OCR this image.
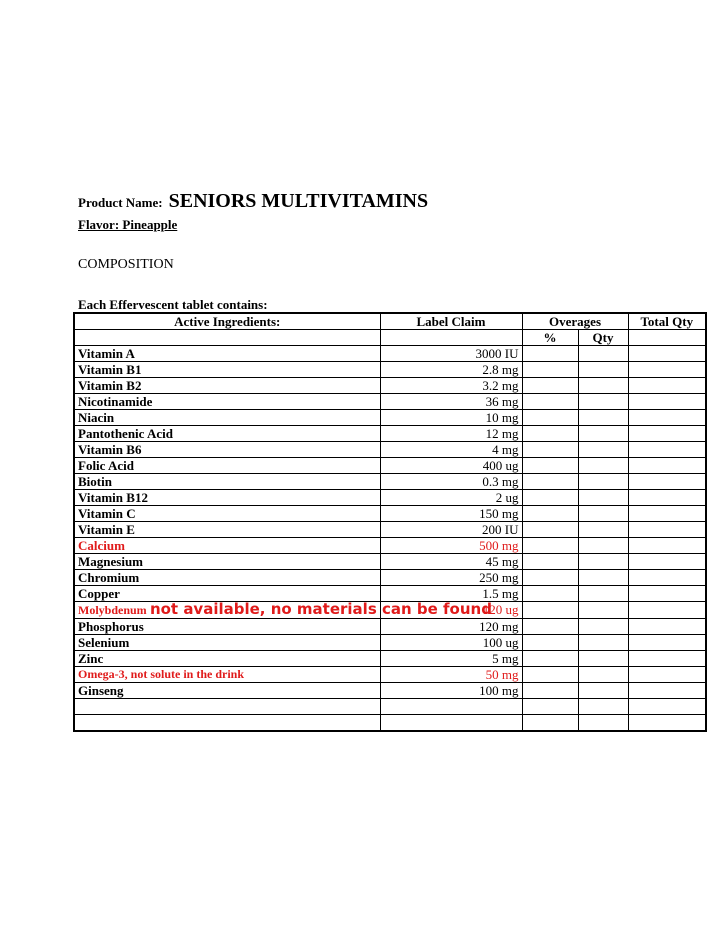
Product Name: SENIORS MULTIVITAMINS
Flavor: Pineapple
COMPOSITION
Each Effervescent tablet contains:
Active Ingredients:	Label Claim	Overages		Total Qty
		%	Qty	
Vitamin A	3000 IU			
Vitamin B1	2.8 mg			
Vitamin B2	3.2 mg			
Nicotinamide	36 mg			
Niacin	10 mg			
Pantothenic Acid	12 mg			
Vitamin B6	4 mg			
Folic Acid	400 ug			
Biotin	0.3 mg			
Vitamin B12	2 ug			
Vitamin C	150 mg			
Vitamin E	200 IU			
Calcium	500 mg			
Magnesium	45 mg			
Chromium	250 mg			
Copper	1.5 mg			
Molybdenum not available, no materials can be found	120 ug			
Phosphorus	120 mg			
Selenium	100 ug			
Zinc	5 mg			
Omega-3, not solute in the drink	50 mg			
Ginseng	100 mg			
